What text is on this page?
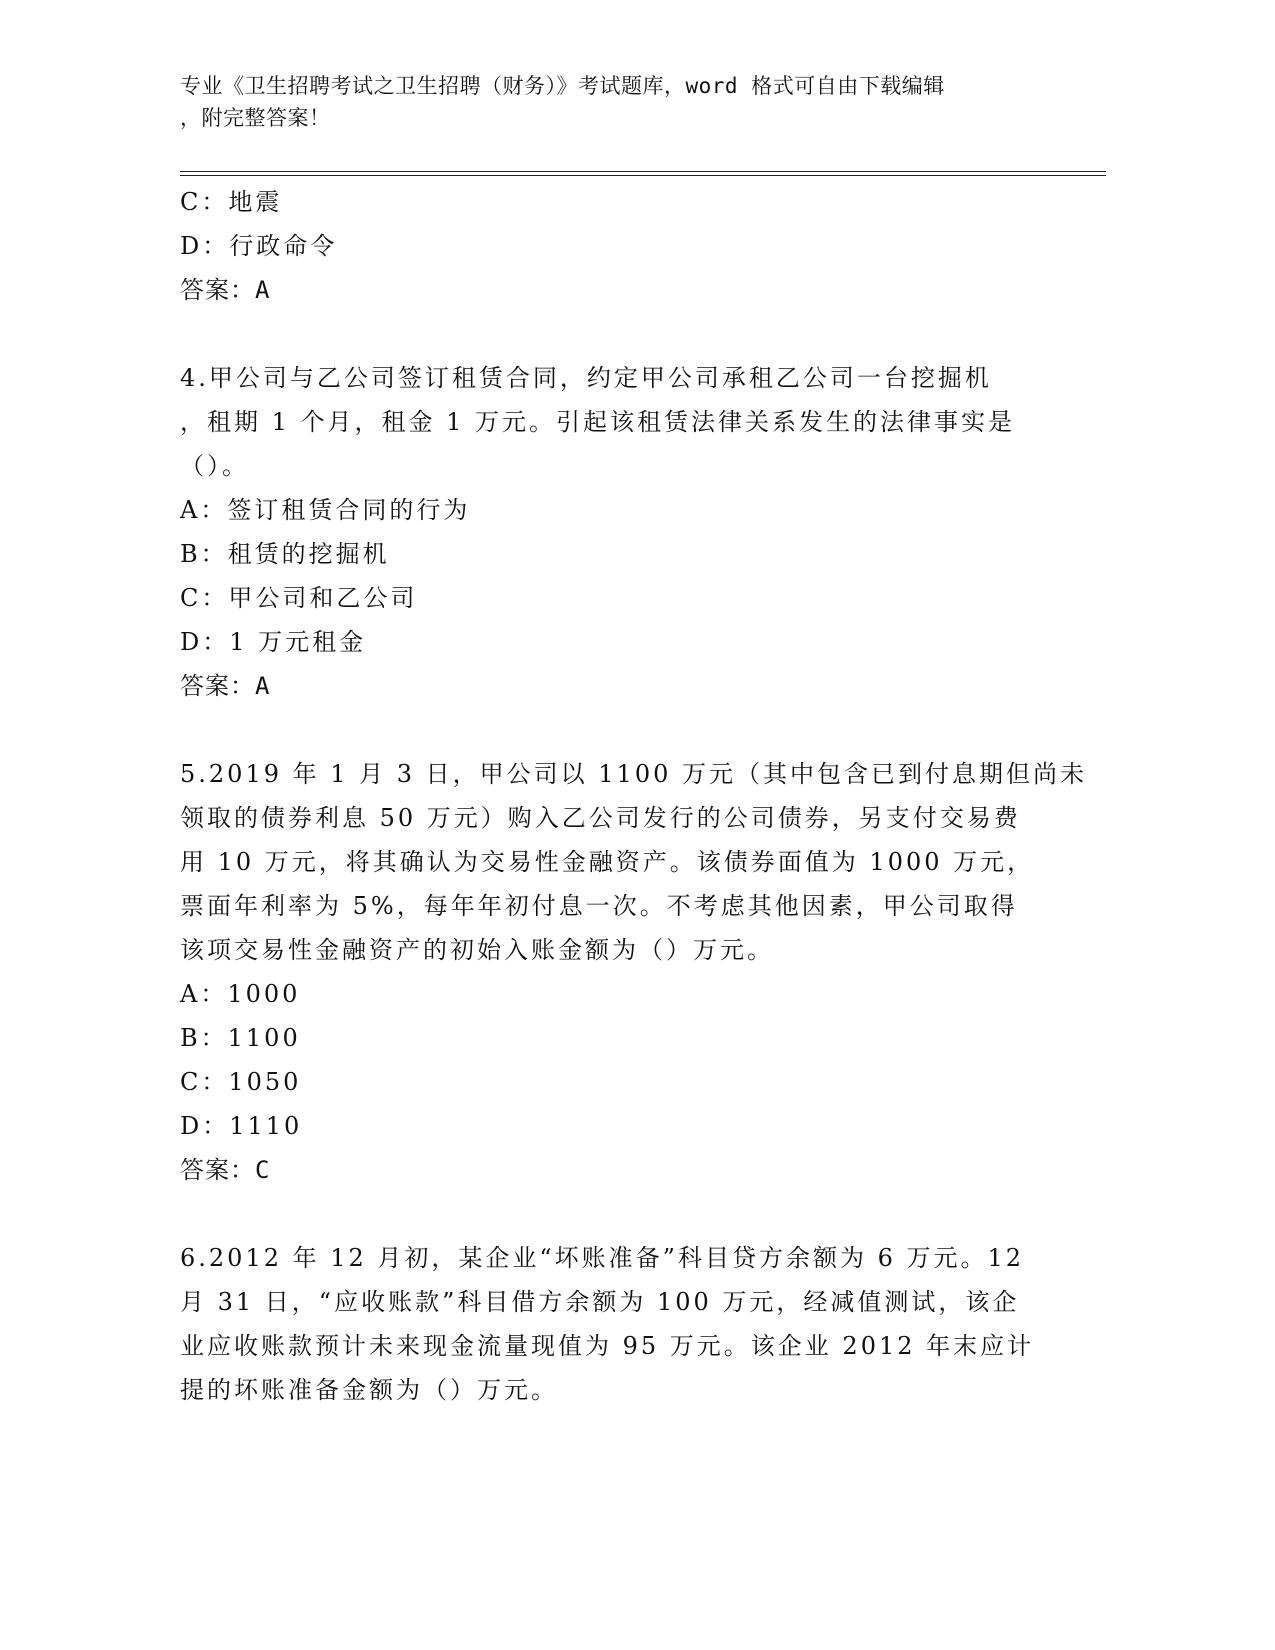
专业《卫生招聘考试之卫生招聘（财务）》考试题库，word 格式可自由下载编辑
，附完整答案！
C：地震
D：行政命令
答案：A
4.甲公司与乙公司签订租赁合同，约定甲公司承租乙公司一台挖掘机
，租期 1 个月，租金 1 万元。引起该租赁法律关系发生的法律事实是
（）。
A：签订租赁合同的行为
B：租赁的挖掘机
C：甲公司和乙公司
D：1 万元租金
答案：A
5.2019 年 1 月 3 日，甲公司以 1100 万元（其中包含已到付息期但尚未
领取的债券利息 50 万元）购入乙公司发行的公司债券，另支付交易费
用 10 万元，将其确认为交易性金融资产。该债券面值为 1000 万元，
票面年利率为 5%，每年年初付息一次。不考虑其他因素，甲公司取得
该项交易性金融资产的初始入账金额为（）万元。
A：1000
B：1100
C：1050
D：1110
答案：C
6.2012 年 12 月初，某企业“坏账准备”科目贷方余额为 6 万元。12
月 31 日，“应收账款”科目借方余额为 100 万元，经减值测试，该企
业应收账款预计未来现金流量现值为 95 万元。该企业 2012 年末应计
提的坏账准备金额为（）万元。
